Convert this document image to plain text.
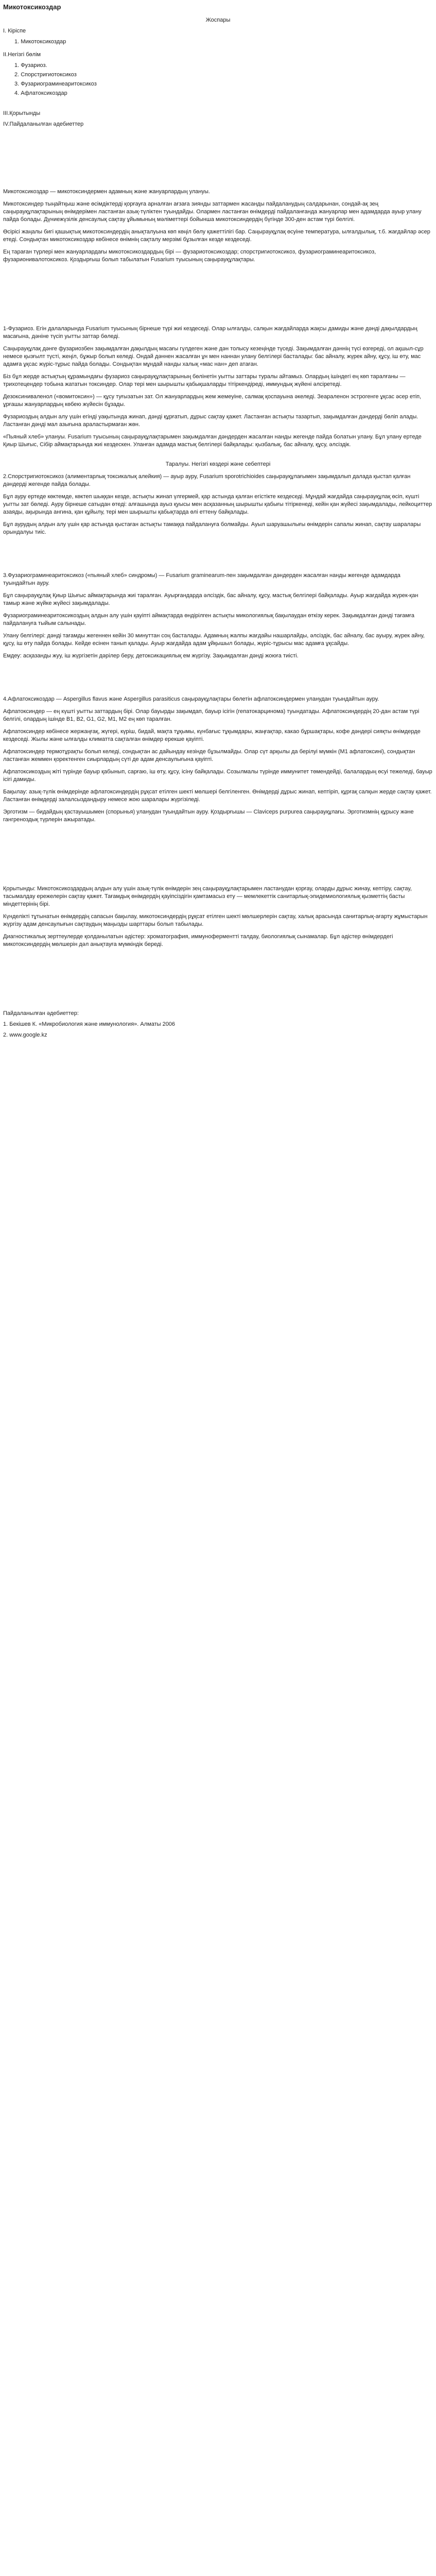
Микотоксикоздар
Жоспары

I. Кіріспе

1. Микотоксикоздар

II.Негізгі бөлім

1. Фузариоз.
2. Спорстригиотоксикоз
3. Фузариограминеаритоксикоз
4. Афлатоксикоздар

III.Қорытынды

IV.Пайдаланылған әдебиеттер

Микотоксикоздар — микотоксиндермен адамның және жануарлардың улануы.

Микотоксиндер тыңайтқыш және өсімдіктерді қорғауға арналған ағзаға зиянды заттармен жасанды пайдаланудың салдарынан, сондай-ақ зең саңырауқұлақтарының өнімдерімен ластанған азық-түліктен туындайды. Олармен ластанған өнімдерді пайдаланғанда жануарлар мен адамдарда ауыр улану пайда болады. Дүниежүзілік денсаулық сақтау ұйымының мәліметтері бойынша микотоксиндердің бүгінде 300-ден астам түрі белгілі.

Өсірісі жаңалы бигі қашықтық микотоксиндердің анықталуына көп көңіл бөлу қажеттілігі бар. Саңырауқұлақ өсуіне температура, ылғалдылық, т.б. жағдайлар әсер етеді. Сондықтан микотоксикоздар көбінесе өнімнің сақталу мерзімі бұзылған кезде кездеседі.

Ең тараған түрлері мен жануарлардағы микотоксикоздардың бірі — фузариотоксикоздар; спорстригиотоксикоз, фузариограминеаритоксикоз, фузарионивалотоксикоз. Қоздырғыш болып табылатын Fusarium туысының саңырауқұлақтары.

1-Фузариоз. Егін далаларында Fusarium туысының бірнеше түрі жиі кездеседі. Олар ылғалды, салқын жағдайларда жақсы дамиды және дәнді дақылдардың масағына, дәніне түсіп уытты заттар бөледі.

Саңырауқұлақ дәнге фузариозбен зақымдалған дақылдың масағы гүлдеген және дән толысу кезеңінде түседі. Зақымдалған дәннің түсі өзгереді, ол ақшыл-сұр немесе қызғылт түсті, жеңіл, бұжыр болып келеді. Ондай дәннен жасалған ұн мен наннан улану белгілері басталады: бас айналу, жүрек айну, құсу, іш өту, мас адамға ұқсас жүріс-тұрыс пайда болады. Сондықтан мұндай нанды халық «мас нан» деп атаған.

Біз бұл жерде астықтың құрамындағы фузариоз саңырауқұлақтарының бөлінетін уытты заттары туралы айтамыз. Олардың ішіндегі ең көп таралғаны — трихотецендер тобына жататын токсиндер. Олар тері мен шырышты қабықшаларды тітіркендіреді, иммундық жүйені әлсіретеді.

Дезоксиниваленол («вомитоксин») — құсу туғызатын зат. Ол жануарлардың жем жемеуіне, салмақ қоспауына әкеледі. Зеараленон эстрогенге ұқсас әсер етіп, ұрғашы жануарлардың көбею жүйесін бұзады.

Фузариоздың алдын алу үшін егінді уақытында жинап, дәнді құрғатып, дұрыс сақтау қажет. Ластанған астықты тазартып, зақымдалған дәндерді бөліп алады. Ластанған дәнді мал азығына араластырмаған жөн.

«Пьяный хлеб» улануы. Fusarium туысының саңырауқұлақтарымен зақымдалған дәндерден жасалған нанды жегенде пайда болатын улану. Бұл улану ертеде Қиыр Шығыс, Сібір аймақтарында жиі кездескен. Уланған адамда мастық белгілері байқалады: қызбалық, бас айналу, құсу, әлсіздік.

Таралуы. Негізгі көздері және себептері

2.Спорстригиотоксикоз (алиментарлық токсикалық алейкия) — ауыр ауру, Fusarium sporotrichioides саңырауқұлағымен зақымдалып далада қыстап қалған дәндерді жегенде пайда болады.

Бұл ауру ертеде көктемде, көктеп шыққан кезде, астықты жинап үлгермей, қар астында қалған егістікте кездеседі. Мұндай жағдайда саңырауқұлақ өсіп, күшті уытты зат бөледі. Ауру бірнеше сатыдан өтеді: алғашында ауыз қуысы мен асқазанның шырышты қабығы тітіркенеді, кейін қан жүйесі зақымдалады, лейкоциттер азаяды, ақырында ангина, қан құйылу, тері мен шырышты қабықтарда өлі еттену байқалады.

Бұл аурудың алдын алу үшін қар астында қыстаған астықты тамаққа пайдалануға болмайды. Ауыл шаруашылығы өнімдерін сапалы жинап, сақтау шаралары орындалуы тиіс.

3.Фузариограминеаритоксикоз («пьяный хлеб» синдромы) — Fusarium graminearum-пен зақымдалған дәндерден жасалған нанды жегенде адамдарда туындайтын ауру.

Бұл саңырауқұлақ Қиыр Шығыс аймақтарында жиі таралған. Ауырғандарда әлсіздік, бас айналу, құсу, мастық белгілері байқалады. Ауыр жағдайда жүрек-қан тамыр және жүйке жүйесі зақымдалады.

Фузариограминеаритоксикоздың алдын алу үшін қауіпті аймақтарда өндірілген астықты микологиялық бақылаудан өткізу керек. Зақымдалған дәнді тағамға пайдалануға тыйым салынады.

Улану белгілері: дәнді тағамды жегеннен кейін 30 минуттан соң басталады. Адамның жалпы жағдайы нашарлайды, әлсіздік, бас айналу, бас ауыру, жүрек айну, құсу, іш өту пайда болады. Кейде есінен танып қалады. Ауыр жағдайда адам ұйқышыл болады, жүріс-тұрысы мас адамға ұқсайды.

Емдеу: асқазанды жуу, іш жүргізетін дәрілер беру, детоксикациялық ем жүргізу. Зақымдалған дәнді жоюға тиісті.

4.Афлатоксикоздар — Aspergillus flavus және Aspergillus parasiticus саңырауқұлақтары бөлетін афлатоксиндермен уланудан туындайтын ауру.

Афлатоксиндер — ең күшті уытты заттардың бірі. Олар бауырды зақымдап, бауыр ісігін (гепатокарцинома) туындатады. Афлатоксиндердің 20-дан астам түрі белгілі, олардың ішінде B1, B2, G1, G2, M1, M2 ең көп таралған.

Афлатоксиндер көбінесе жержаңғақ, жүгері, күріш, бидай, мақта тұқымы, күнбағыс тұқымдары, жаңғақтар, какао бұршақтары, кофе дәндері сияқты өнімдерде кездеседі. Жылы және ылғалды климатта сақталған өнімдер ерекше қауіпті.

Афлатоксиндер термотұрақты болып келеді, сондықтан ас дайындау кезінде бұзылмайды. Олар сүт арқылы да берілуі мүмкін (M1 афлатоксині), сондықтан ластанған жеммен қоректенген сиырлардың сүті де адам денсаулығына қауіпті.

Афлатоксикоздың жіті түрінде бауыр қабынып, сарғаю, іш өту, құсу, ісіну байқалады. Созылмалы түрінде иммунитет төмендейді, балалардың өсуі тежеледі, бауыр ісігі дамиды.

Бақылау: азық-түлік өнімдерінде афлатоксиндердің рұқсат етілген шекті мөлшері белгіленген. Өнімдерді дұрыс жинап, кептіріп, құрғақ салқын жерде сақтау қажет. Ластанған өнімдерді залалсыздандыру немесе жою шаралары жүргізіледі.

Эрготизм — бидайдың қастауышымен (спорынья) уланудан туындайтын ауру. Қоздырғышы — Claviceps purpurea саңырауқұлағы. Эрготизмнің құрысу және гангреноздық түрлерін ажыратады.

Қорытынды: Микотоксикоздардың алдын алу үшін азық-түлік өнімдерін зең саңырауқұлақтарымен ластанудан қорғау, оларды дұрыс жинау, кептіру, сақтау, тасымалдау ережелерін сақтау қажет. Тағамдық өнімдердің қауіпсіздігін қамтамасыз ету — мемлекеттік санитарлық-эпидемиологиялық қызметтің басты міндеттерінің бірі.

Күнделікті тұтынатын өнімдердің сапасын бақылау, микотоксиндердің рұқсат етілген шекті мөлшерлерін сақтау, халық арасында санитарлық-ағарту жұмыстарын жүргізу адам денсаулығын сақтаудың маңызды шарттары болып табылады.

Диагностикалық зерттеулерде қолданылатын әдістер: хроматография, иммуноферментті талдау, биологиялық сынамалар. Бұл әдістер өнімдердегі микотоксиндердің мөлшерін дәл анықтауға мүмкіндік береді.

Пайдаланылған әдебиеттер:

1. Бекішев К. «Микробиология және иммунология». Алматы 2006

2. www.google.kz
